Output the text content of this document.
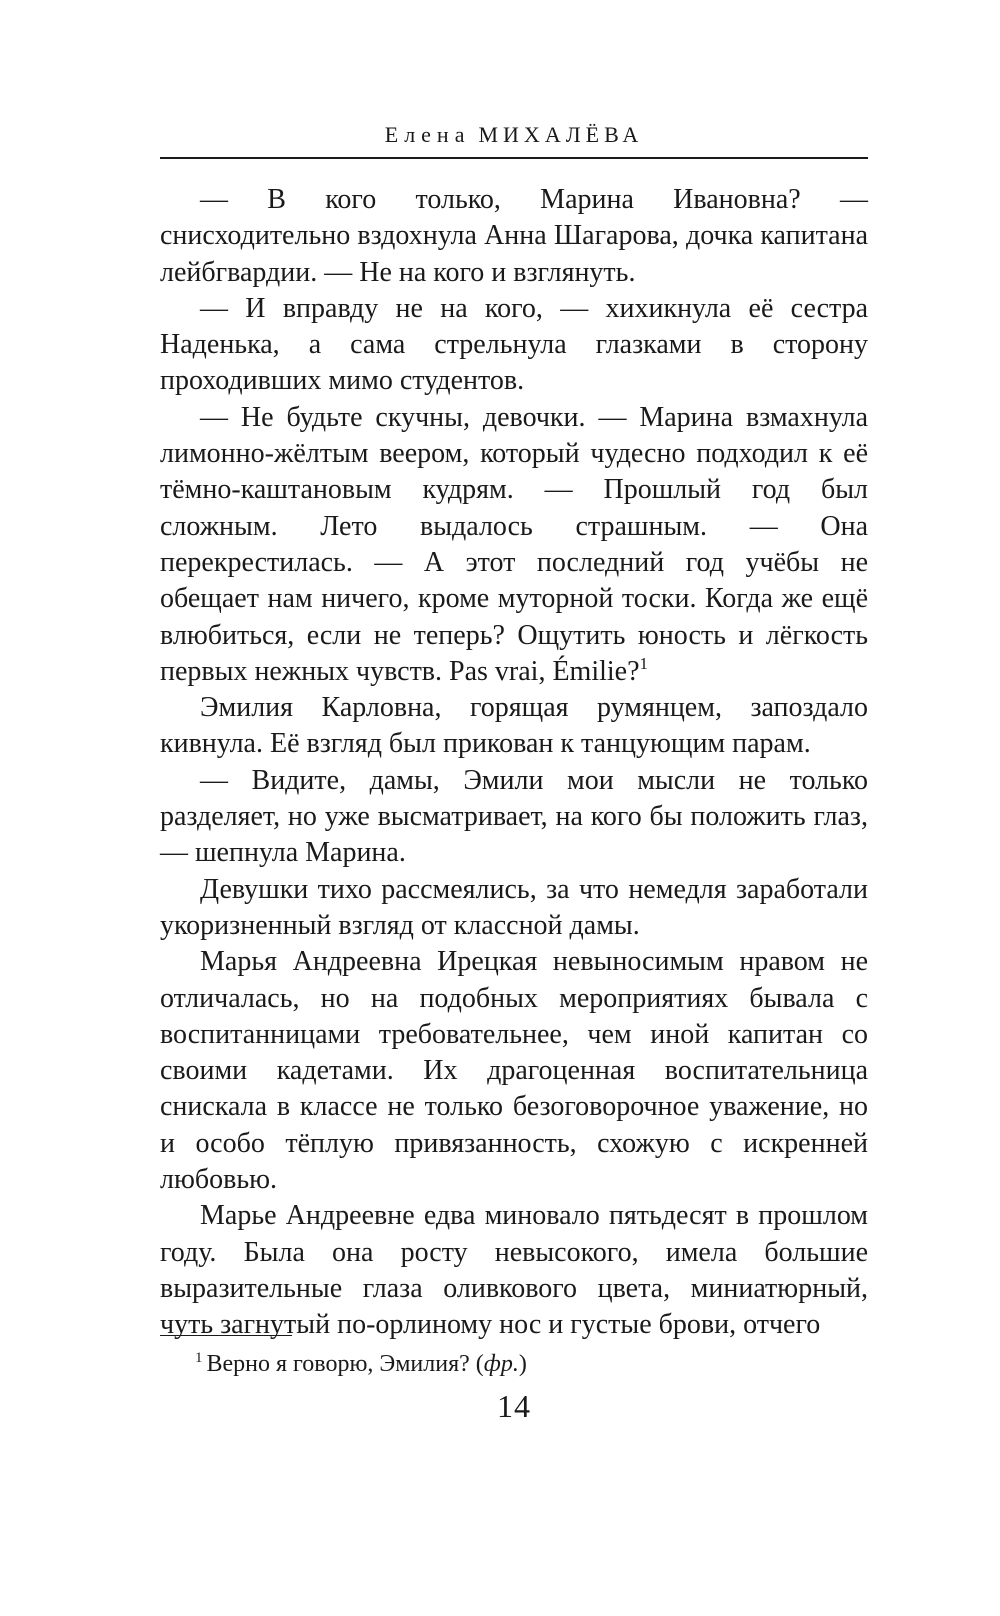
Елена МИХАЛЁВА

— В кого только, Марина Ивановна? — снисходительно вздохнула Анна Шагарова, дочка капитана лейбгвардии. — Не на кого и взглянуть.

— И вправду не на кого, — хихикнула её сестра Наденька, а сама стрельнула глазками в сторону проходивших мимо студентов.

— Не будьте скучны, девочки. — Марина взмахнула лимонно-жёлтым веером, который чудесно подходил к её тёмно-каштановым кудрям. — Прошлый год был сложным. Лето выдалось страшным. — Она перекрестилась. — А этот последний год учёбы не обещает нам ничего, кроме муторной тоски. Когда же ещё влюбиться, если не теперь? Ощутить юность и лёгкость первых нежных чувств. Pas vrai, Émilie?$^1$

Эмилия Карловна, горящая румянцем, запоздало кивнула. Её взгляд был прикован к танцующим парам.

— Видите, дамы, Эмили мои мысли не только разделяет, но уже высматривает, на кого бы положить глаз, — шепнула Марина.

Девушки тихо рассмеялись, за что немедля заработали укоризненный взгляд от классной дамы.

Марья Андреевна Ирецкая невыносимым нравом не отличалась, но на подобных мероприятиях бывала с воспитанницами требовательнее, чем иной капитан со своими кадетами. Их драгоценная воспитательница снискала в классе не только безоговорочное уважение, но и особо тёплую привязанность, схожую с искренней любовью.

Марье Андреевне едва миновало пятьдесят в прошлом году. Была она росту невысокого, имела большие выразительные глаза оливкового цвета, миниатюрный, чуть загнутый по-орлиному нос и густые брови, отчего

$^1$ Верно я говорю, Эмилия? (фр.)
14
